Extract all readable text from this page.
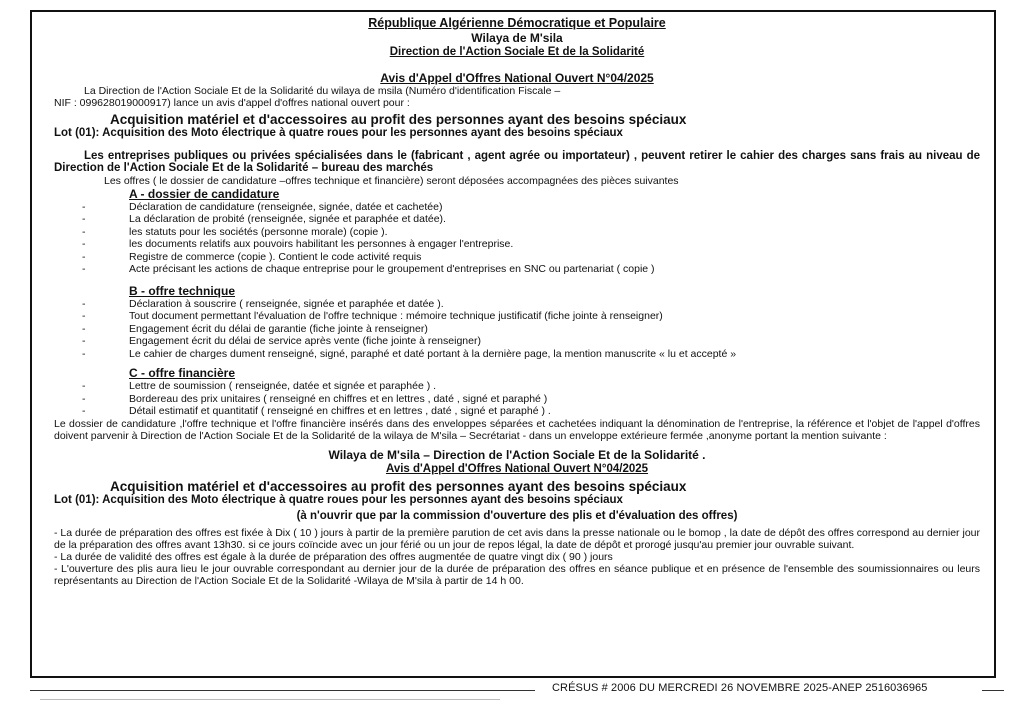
République Algérienne Démocratique et Populaire
Wilaya de M'sila
Direction de l'Action Sociale Et de la Solidarité
Avis d'Appel d'Offres National Ouvert N°04/2025

La Direction de l'Action Sociale Et de la Solidarité du wilaya de msila (Numéro d'identification Fiscale –

NIF : 099628019000917) lance un avis d'appel d'offres national ouvert pour :

Acquisition matériel et d'accessoires au profit des personnes ayant des besoins spéciaux
Lot (01): Acquisition des Moto électrique à quatre roues pour les personnes ayant des besoins spéciaux
Les entreprises publiques ou privées spécialisées dans le (fabricant , agent agrée ou importateur) , peuvent retirer le cahier des charges sans frais au niveau de Direction de l'Action Sociale Et de la Solidarité – bureau des marchés

Les offres ( le dossier de candidature –offres technique et financière) seront déposées accompagnées des pièces suivantes

A - dossier de candidature
- Déclaration de candidature (renseignée, signée, datée et cachetée)
- La déclaration de probité (renseignée, signée et paraphée et datée).
- les statuts pour les sociétés (personne morale) (copie ).
- les documents relatifs aux pouvoirs habilitant les personnes à engager l'entreprise.
- Registre de commerce (copie ). Contient le code activité requis
- Acte précisant les actions de chaque entreprise pour le groupement d'entreprises en SNC ou partenariat ( copie )
B - offre technique
- Déclaration à souscrire ( renseignée, signée et paraphée et datée ).
- Tout document permettant l'évaluation de l'offre technique : mémoire technique justificatif (fiche jointe à renseigner)
- Engagement écrit du délai de garantie (fiche jointe à renseigner)
- Engagement écrit du délai de service après vente (fiche jointe à renseigner)
- Le cahier de charges dument renseigné, signé, paraphé et daté portant à la dernière page, la mention manuscrite « lu et accepté »
C - offre financière
- Lettre de soumission ( renseignée, datée et signée et paraphée ) .
- Bordereau des prix unitaires ( renseigné en chiffres et en lettres , daté , signé et paraphé )
- Détail estimatif et quantitatif ( renseigné en chiffres et en lettres , daté , signé et paraphé ) .

Le dossier de candidature ,l'offre technique et l'offre financière insérés dans des enveloppes séparées et cachetées indiquant la dénomination de l'entreprise, la référence et l'objet de l'appel d'offres doivent parvenir à Direction de l'Action Sociale Et de la Solidarité de la wilaya de M'sila – Secrétariat - dans un enveloppe extérieure fermée ,anonyme portant la mention suivante :

Wilaya de M'sila – Direction de l'Action Sociale Et de la Solidarité .
Avis d'Appel d'Offres National Ouvert N°04/2025
Acquisition matériel et d'accessoires au profit des personnes ayant des besoins spéciaux
Lot (01): Acquisition des Moto électrique à quatre roues pour les personnes ayant des besoins spéciaux
(à n'ouvrir que par la commission d'ouverture des plis et d'évaluation des offres)

- La durée de préparation des offres est fixée à Dix ( 10 ) jours à partir de la première parution de cet avis dans la presse nationale ou le bomop , la date de dépôt des offres correspond au dernier jour de la préparation des offres avant 13h30. si ce jours coïncide avec un jour férié ou un jour de repos légal, la date de dépôt et prorogé jusqu'au premier jour ouvrable suivant.

- La durée de validité des offres est égale à la durée de préparation des offres augmentée de quatre vingt dix ( 90 ) jours

- L'ouverture des plis aura lieu le jour ouvrable correspondant au dernier jour de la durée de préparation des offres en séance publique et en présence de l'ensemble des soumissionnaires ou leurs représentants au Direction de l'Action Sociale Et de la Solidarité -Wilaya de M'sila à partir de 14 h 00.

CRÉSUS # 2006 DU MERCREDI 26 NOVEMBRE 2025-ANEP 2516036965
